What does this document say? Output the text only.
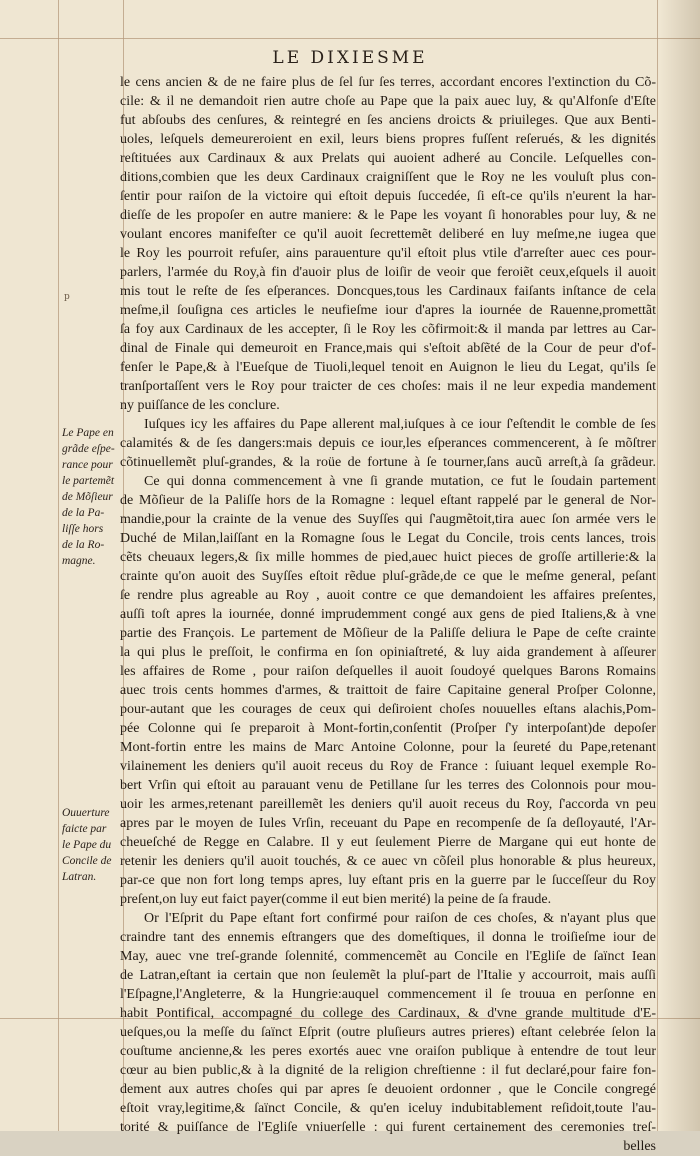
LE DIXIESME
p
Le Pape en
grãde eſpe-
rance pour
le partemẽt
de Mõſieur
de la Pa-
liſſe hors
de la Ro-
magne.
Ouuerture
faicte par
le Pape du
Concile de
Latran.
le cens ancien & de ne faire plus de ſel ſur ſes terres, accordant encores l'extinction du Cõ-
cile: & il ne demandoit rien autre choſe au Pape que la paix auec luy, & qu'Alfonſe d'Eſte
fut abſoubs des cenſures, & reintegré en ſes anciens droicts & priuileges. Que aux Benti-
uoles, leſquels demeureroient en exil, leurs biens propres fuſſent reſerués, & les dignités
reſtituées aux Cardinaux & aux Prelats qui auoient adheré au Concile. Leſquelles con-
ditions,combien que les deux Cardinaux craigniſſent que le Roy ne les vouluſt plus con-
ſentir pour raiſon de la victoire qui eſtoit depuis ſuccedée, ſi eſt-ce qu'ils n'eurent la har-
dieſſe de les propoſer en autre maniere: & le Pape les voyant ſi honorables pour luy, & ne
voulant encores manifeſter ce qu'il auoit ſecrettemẽt deliberé en luy meſme,ne iugea que
le Roy les pourroit refuſer, ains parauenture qu'il eſtoit plus vtile d'arreſter auec ces pour-
parlers, l'armée du Roy,à fin d'auoir plus de loiſir de veoir que feroiẽt ceux,eſquels il auoit
mis tout le reſte de ſes eſperances. Doncques,tous les Cardinaux faiſants inſtance de cela
meſme,il ſouſigna ces articles le neufieſme iour d'apres la iournée de Rauenne,promettãt
ſa foy aux Cardinaux de les accepter, ſi le Roy les cõfirmoit:& il manda par lettres au Car-
dinal de Finale qui demeuroit en France,mais qui s'eſtoit abſẽté de la Cour de peur d'of-
fenſer le Pape,& à l'Eueſque de Tiuoli,lequel tenoit en Auignon le lieu du Legat, qu'ils ſe
tranſportaſſent vers le Roy pour traicter de ces choſes: mais il ne leur expedia mandement
ny puiſſance de les conclure.
Iuſques icy les affaires du Pape allerent mal,iuſques à ce iour ſ'eſtendit le comble de ſes
calamités & de ſes dangers:mais depuis ce iour,les eſperances commencerent, à ſe mõſtrer
cõtinuellemẽt pluſ-grandes, & la roüe de fortune à ſe tourner,ſans aucũ arreſt,à ſa grãdeur.
Ce qui donna commencement à vne ſi grande mutation, ce fut le ſoudain partement
de Mõſieur de la Paliſſe hors de la Romagne : lequel eſtant rappelé par le general de Nor-
mandie,pour la crainte de la venue des Suyſſes qui ſ'augmẽtoit,tira auec ſon armée vers le
Duché de Milan,laiſſant en la Romagne ſous le Legat du Concile, trois cents lances, trois
cẽts cheuaux legers,& ſix mille hommes de pied,auec huict pieces de groſſe artillerie:& la
crainte qu'on auoit des Suyſſes eſtoit rẽdue pluſ-grãde,de ce que le meſme general, peſant
ſe rendre plus agreable au Roy , auoit contre ce que demandoient les affaires preſentes,
auſſi toſt apres la iournée, donné imprudemment congé aux gens de pied Italiens,& à vne
partie des François. Le partement de Mõſieur de la Paliſſe deliura le Pape de ceſte crainte
la qui plus le preſſoit, le confirma en ſon opiniaſtreté, & luy aida grandement à aſſeurer
les affaires de Rome , pour raiſon deſquelles il auoit ſoudoyé quelques Barons Romains
auec trois cents hommes d'armes, & traittoit de faire Capitaine general Proſper Colonne,
pour-autant que les courages de ceux qui deſiroient choſes nouuelles eſtans alachis,Pom-
pée Colonne qui ſe preparoit à Mont-fortin,conſentit (Proſper ſ'y interpoſant)de depoſer
Mont-fortin entre les mains de Marc Antoine Colonne, pour la ſeureté du Pape,retenant
vilainement les deniers qu'il auoit receus du Roy de France : ſuiuant lequel exemple Ro-
bert Vrſin qui eſtoit au parauant venu de Petillane ſur les terres des Colonnois pour mou-
uoir les armes,retenant pareillemẽt les deniers qu'il auoit receus du Roy, ſ'accorda vn peu
apres par le moyen de Iules Vrſin, receuant du Pape en recompenſe de ſa deſloyauté, l'Ar-
cheueſché de Regge en Calabre. Il y eut ſeulement Pierre de Margane qui eut honte de
retenir les deniers qu'il auoit touchés, & ce auec vn cõſeil plus honorable & plus heureux,
par-ce que non fort long temps apres, luy eſtant pris en la guerre par le ſucceſſeur du Roy
preſent,on luy eut faict payer(comme il eut bien merité) la peine de ſa fraude.
Or l'Eſprit du Pape eſtant fort confirmé pour raiſon de ces choſes, & n'ayant plus que
craindre tant des ennemis eſtrangers que des domeſtiques, il donna le troiſieſme iour de
May, auec vne treſ-grande ſolennité, commencemẽt au Concile en l'Egliſe de ſaïnct Iean
de Latran,eſtant ia certain que non ſeulemẽt la pluſ-part de l'Italie y accourroit, mais auſſi
l'Eſpagne,l'Angleterre, & la Hungrie:auquel commencement il ſe trouua en perſonne en
habit Pontifical, accompagné du college des Cardinaux, & d'vne grande multitude d'E-
ueſques,ou la meſſe du ſaïnct Eſprit (outre pluſieurs autres prieres) eſtant celebrée ſelon la
couſtume ancienne,& les peres exortés auec vne oraiſon publique à entendre de tout leur
cœur au bien public,& à la dignité de la religion chreſtienne : il fut declaré,pour faire fon-
dement aux autres choſes qui par apres ſe deuoient ordonner , que le Concile congregé
eſtoit vray,legitime,& ſaïnct Concile, & qu'en iceluy indubitablement reſidoit,toute l'au-
torité & puiſſance de l'Egliſe vniuerſelle : qui furent certainement des ceremonies treſ-
belles
